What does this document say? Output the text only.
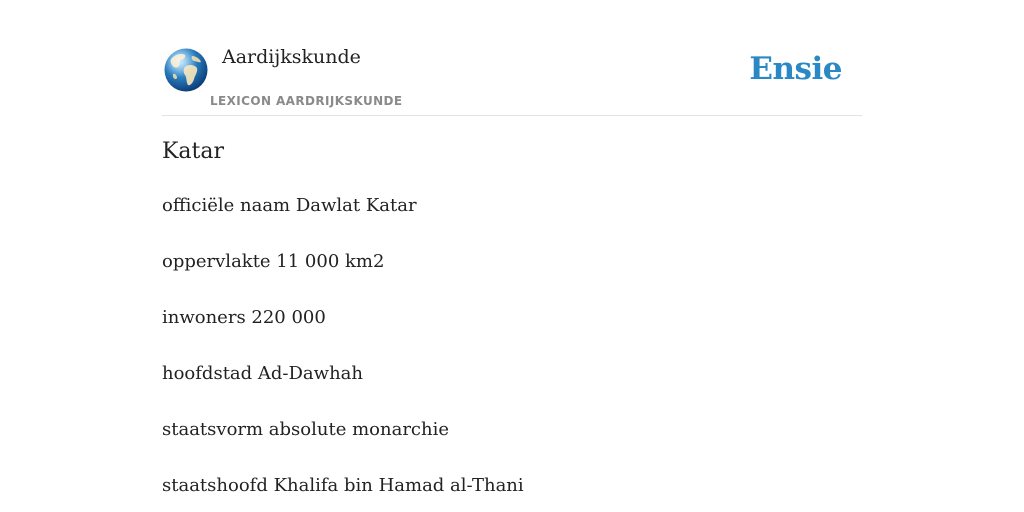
Aardijkskunde
LEXICON AARDRIJKSKUNDE
Ensie
Katar
officiële naam Dawlat Katar
oppervlakte 11 000 km2
inwoners 220 000
hoofdstad Ad-Dawhah
staatsvorm absolute monarchie
staatshoofd Khalifa bin Hamad al-Thani
